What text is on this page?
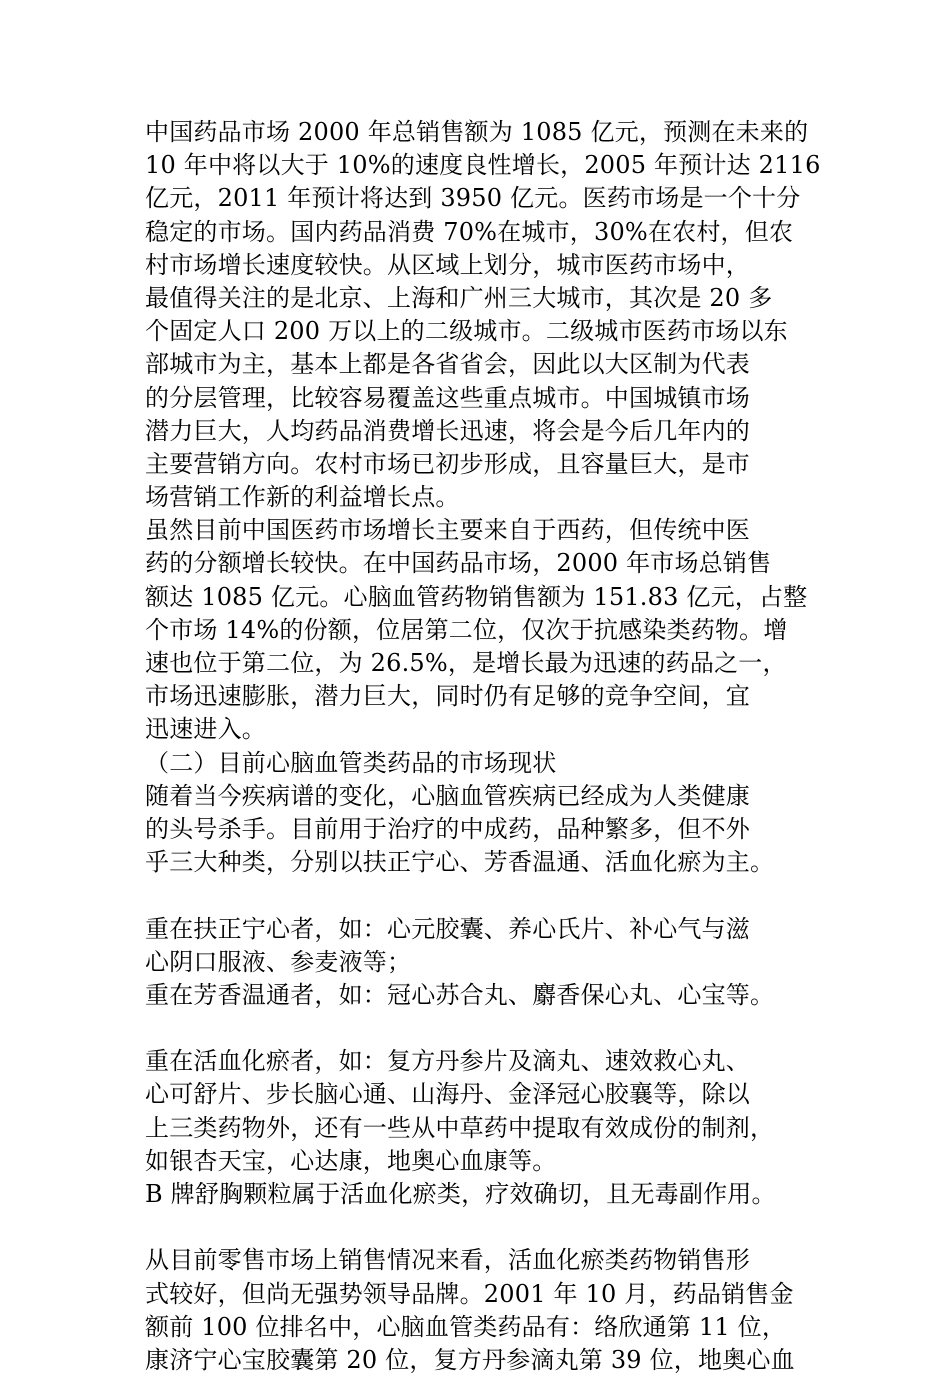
中国药品市场 2000 年总销售额为 1085 亿元，预测在未来的
10 年中将以大于 10%的速度良性增长，2005 年预计达 2116
亿元，2011 年预计将达到 3950 亿元。医药市场是一个十分
稳定的市场。国内药品消费 70%在城市，30%在农村，但农
村市场增长速度较快。从区域上划分，城市医药市场中，
最值得关注的是北京、上海和广州三大城市，其次是 20 多
个固定人口 200 万以上的二级城市。二级城市医药市场以东
部城市为主，基本上都是各省省会，因此以大区制为代表
的分层管理，比较容易覆盖这些重点城市。中国城镇市场
潜力巨大，人均药品消费增长迅速，将会是今后几年内的
主要营销方向。农村市场已初步形成，且容量巨大，是市
场营销工作新的利益增长点。
虽然目前中国医药市场增长主要来自于西药，但传统中医
药的分额增长较快。在中国药品市场，2000 年市场总销售
额达 1085 亿元。心脑血管药物销售额为 151.83 亿元，占整
个市场 14%的份额，位居第二位，仅次于抗感染类药物。增
速也位于第二位，为 26.5%，是增长最为迅速的药品之一，
市场迅速膨胀，潜力巨大，同时仍有足够的竞争空间，宜
迅速进入。
（二）目前心脑血管类药品的市场现状
随着当今疾病谱的变化，心脑血管疾病已经成为人类健康
的头号杀手。目前用于治疗的中成药，品种繁多，但不外
乎三大种类，分别以扶正宁心、芳香温通、活血化瘀为主。
重在扶正宁心者，如：心元胶囊、养心氏片、补心气与滋
心阴口服液、参麦液等；
重在芳香温通者，如：冠心苏合丸、麝香保心丸、心宝等。
重在活血化瘀者，如：复方丹参片及滴丸、速效救心丸、
心可舒片、步长脑心通、山海丹、金泽冠心胶襄等，除以
上三类药物外，还有一些从中草药中提取有效成份的制剂，
如银杏天宝，心达康，地奥心血康等。
B 牌舒胸颗粒属于活血化瘀类，疗效确切，且无毒副作用。
从目前零售市场上销售情况来看，活血化瘀类药物销售形
式较好，但尚无强势领导品牌。2001 年 10 月，药品销售金
额前 100 位排名中，心脑血管类药品有：络欣通第 11 位，
康济宁心宝胶囊第 20 位，复方丹参滴丸第 39 位，地奥心血
